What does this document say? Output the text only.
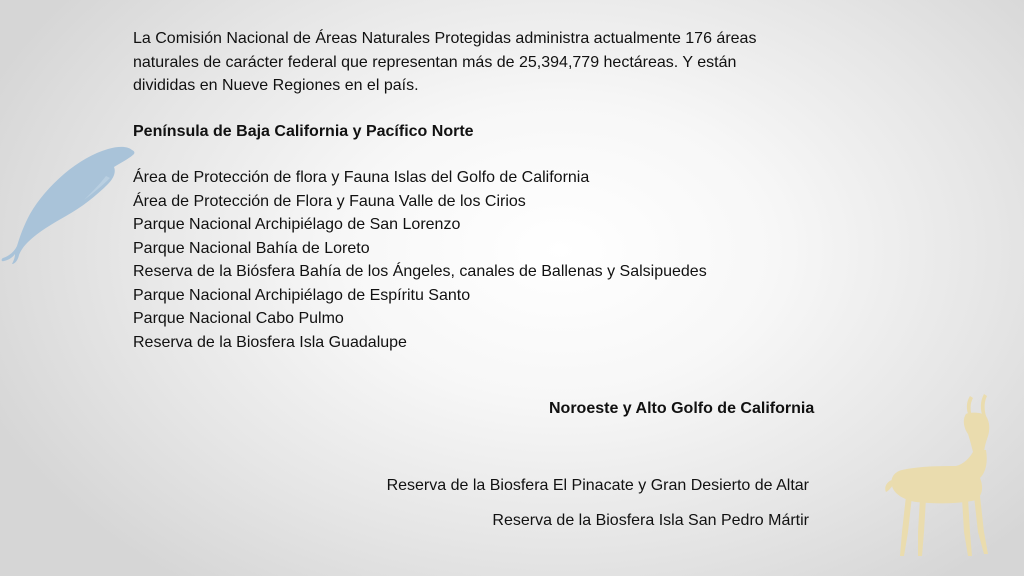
La Comisión Nacional de Áreas Naturales Protegidas administra actualmente 176 áreas
naturales de carácter federal que representan más de 25,394,779 hectáreas. Y están
divididas en Nueve Regiones en el país.

Península de Baja California y Pacífico Norte

Área de Protección de flora y Fauna Islas del Golfo de California
Área de Protección de Flora y Fauna Valle de los Cirios
Parque Nacional Archipiélago de San Lorenzo
Parque Nacional Bahía de Loreto
Reserva de la Biósfera Bahía de los Ángeles, canales de Ballenas y Salsipuedes
Parque Nacional Archipiélago de Espíritu Santo
Parque Nacional Cabo Pulmo
Reserva de la Biosfera Isla Guadalupe
Noroeste y Alto Golfo de California
Reserva de la Biosfera El Pinacate y Gran Desierto de Altar
Reserva de la Biosfera Isla San Pedro Mártir
